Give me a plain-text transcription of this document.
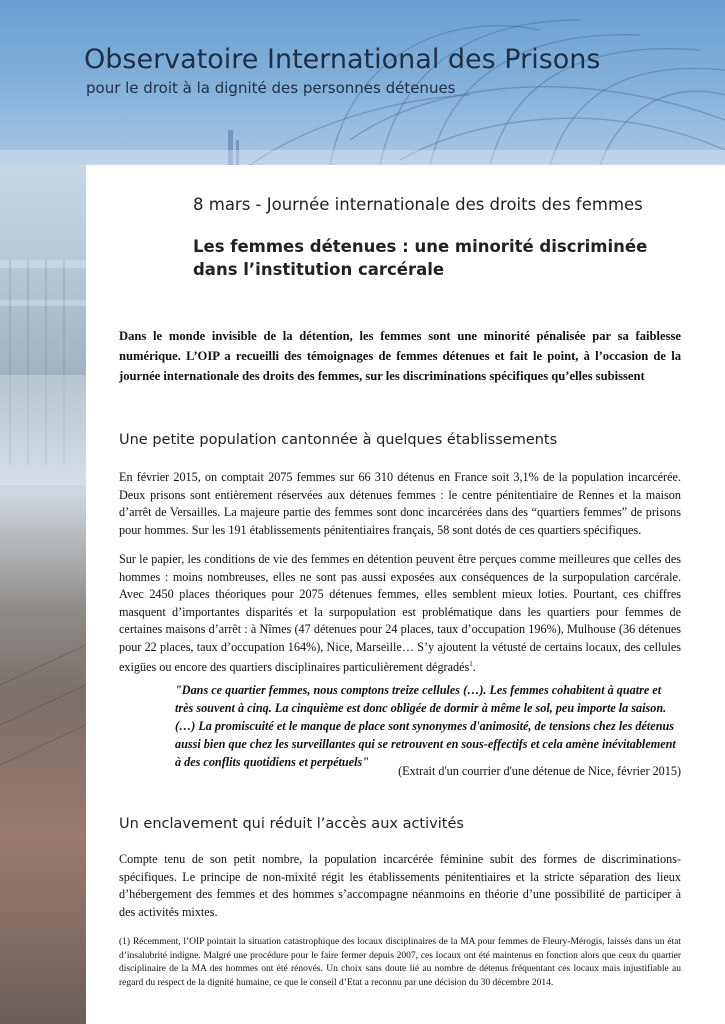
Observatoire International des Prisons
pour le droit à la dignité des personnes détenues
8 mars - Journée internationale des droits des femmes
Les femmes détenues : une minorité discriminée dans l’institution carcérale
Dans le monde invisible de la détention, les femmes sont une minorité pénalisée par sa faiblesse numérique. L’OIP a recueilli des témoignages de femmes détenues et fait le point, à l’occasion de la journée internationale des droits des femmes, sur les discriminations spécifiques qu’elles subissent
Une petite population cantonnée à quelques établissements
En février 2015, on comptait 2075 femmes sur 66 310 détenus en France soit 3,1% de la population incarcérée. Deux prisons sont entièrement réservées aux détenues femmes : le centre pénitentiaire de Rennes et la maison d’arrêt de Versailles. La majeure partie des femmes sont donc incarcérées dans des “quartiers femmes” de prisons pour hommes. Sur les 191 établissements pénitentiaires français, 58 sont dotés de ces quartiers spécifiques.
Sur le papier, les conditions de vie des femmes en détention peuvent être perçues comme meilleures que celles des hommes : moins nombreuses, elles ne sont pas aussi exposées aux conséquences de la surpopulation carcérale. Avec 2450 places théoriques pour 2075 détenues femmes, elles semblent mieux loties. Pourtant, ces chiffres masquent d’importantes disparités et la surpopulation est problématique dans les quartiers pour femmes de certaines maisons d’arrêt : à Nîmes (47 détenues pour 24 places, taux d’occupation 196%), Mulhouse (36 détenues pour 22 places, taux d’occupation 164%), Nice, Marseille… S’y ajoutent la vétusté de certains locaux, des cellules exigües ou encore des quartiers disciplinaires particulièrement dégradés$^1$.
"Dans ce quartier femmes, nous comptons treize cellules (…). Les femmes cohabitent à quatre et très souvent à cinq. La cinquième est donc obligée de dormir à même le sol, peu importe la saison. (…) La promiscuité et le manque de place sont synonymes d'animosité, de tensions chez les détenus aussi bien que chez les surveillantes qui se retrouvent en sous-effectifs et cela amène inévitablement à des conflits quotidiens et perpétuels"
(Extrait d'un courrier d'une détenue de Nice, février 2015)
Un enclavement qui réduit l’accès aux activités
Compte tenu de son petit nombre, la population incarcérée féminine subit des formes de discriminations-spécifiques. Le principe de non-mixité régit les établissements pénitentiaires et la stricte séparation des lieux d’hébergement des femmes et des hommes s’accompagne néanmoins en théorie d’une possibilité de participer à des activités mixtes.
(1) Récemment, l’OIP pointait la situation catastrophique des locaux disciplinaires de la MA pour femmes de Fleury-Mérogis, laissés dans un état d’insalubrité indigne. Malgré une procédure pour le faire fermer depuis 2007, ces locaux ont été maintenus en fonction alors que ceux du quartier disciplinaire de la MA des hommes ont été rénovés. Un choix sans doute lié au nombre de détenus fréquentant ces locaux mais injustifiable au regard du respect de la dignité humaine, ce que le conseil d’Etat a reconnu par une décision du 30 décembre 2014.
